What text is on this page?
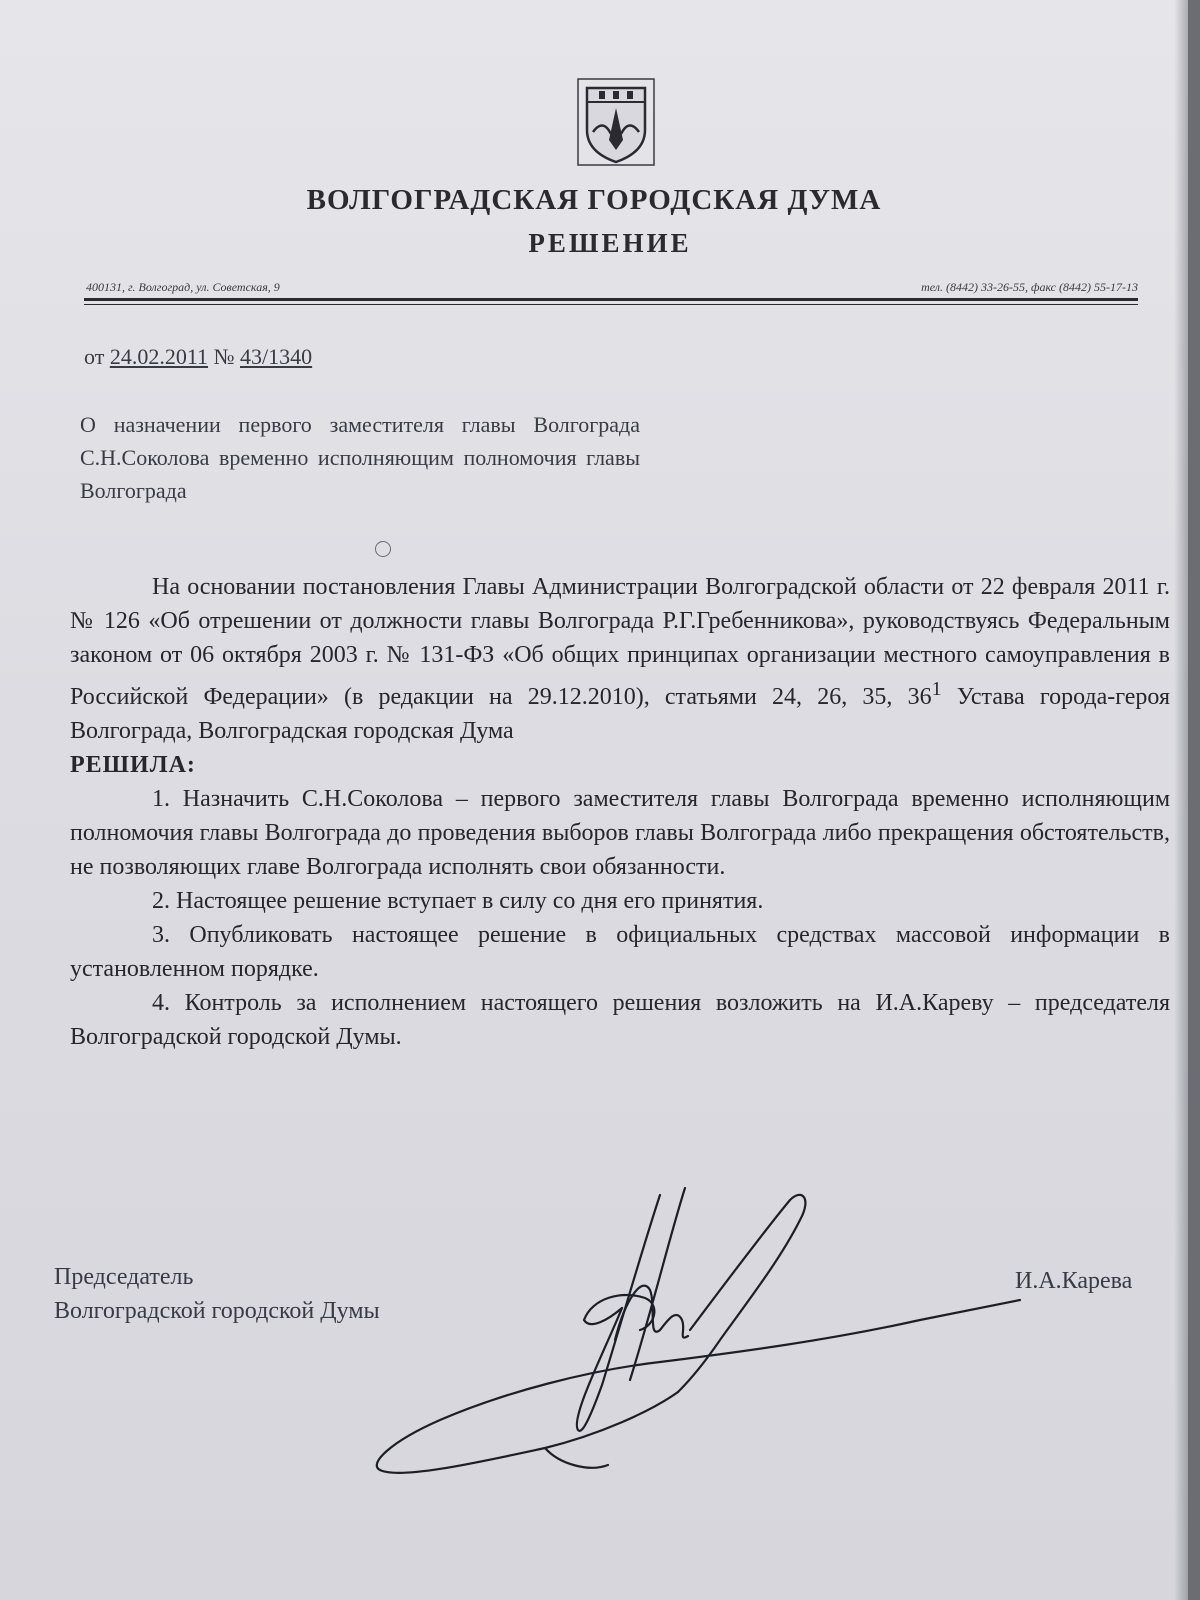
ВОЛГОГРАДСКАЯ ГОРОДСКАЯ ДУМА
РЕШЕНИЕ
400131, г. Волгоград, ул. Советская, 9	тел. (8442) 33-26-55, факс (8442) 55-17-13
от 24.02.2011 № 43/1340

О назначении первого заместителя главы Волгограда С.Н.Соколова временно исполняющим полномочия главы Волгограда

На основании постановления Главы Администрации Волгоградской области от 22 февраля 2011 г. № 126 «Об отрешении от должности главы Волгограда Р.Г.Гребенникова», руководствуясь Федеральным законом от 06 октября 2003 г. № 131-ФЗ «Об общих принципах организации местного самоуправления в Российской Федерации» (в редакции на 29.12.2010), статьями 24, 26, 35, $36^1$ Устава города-героя Волгограда, Волгоградская городская Дума

РЕШИЛА:

1. Назначить С.Н.Соколова – первого заместителя главы Волгограда временно исполняющим полномочия главы Волгограда до проведения выборов главы Волгограда либо прекращения обстоятельств, не позволяющих главе Волгограда исполнять свои обязанности.

2. Настоящее решение вступает в силу со дня его принятия.

3. Опубликовать настоящее решение в официальных средствах массовой информации в установленном порядке.

4. Контроль за исполнением настоящего решения возложить на И.А.Кареву – председателя Волгоградской городской Думы.

Председатель
Волгоградской городской Думы
И.А.Карева
